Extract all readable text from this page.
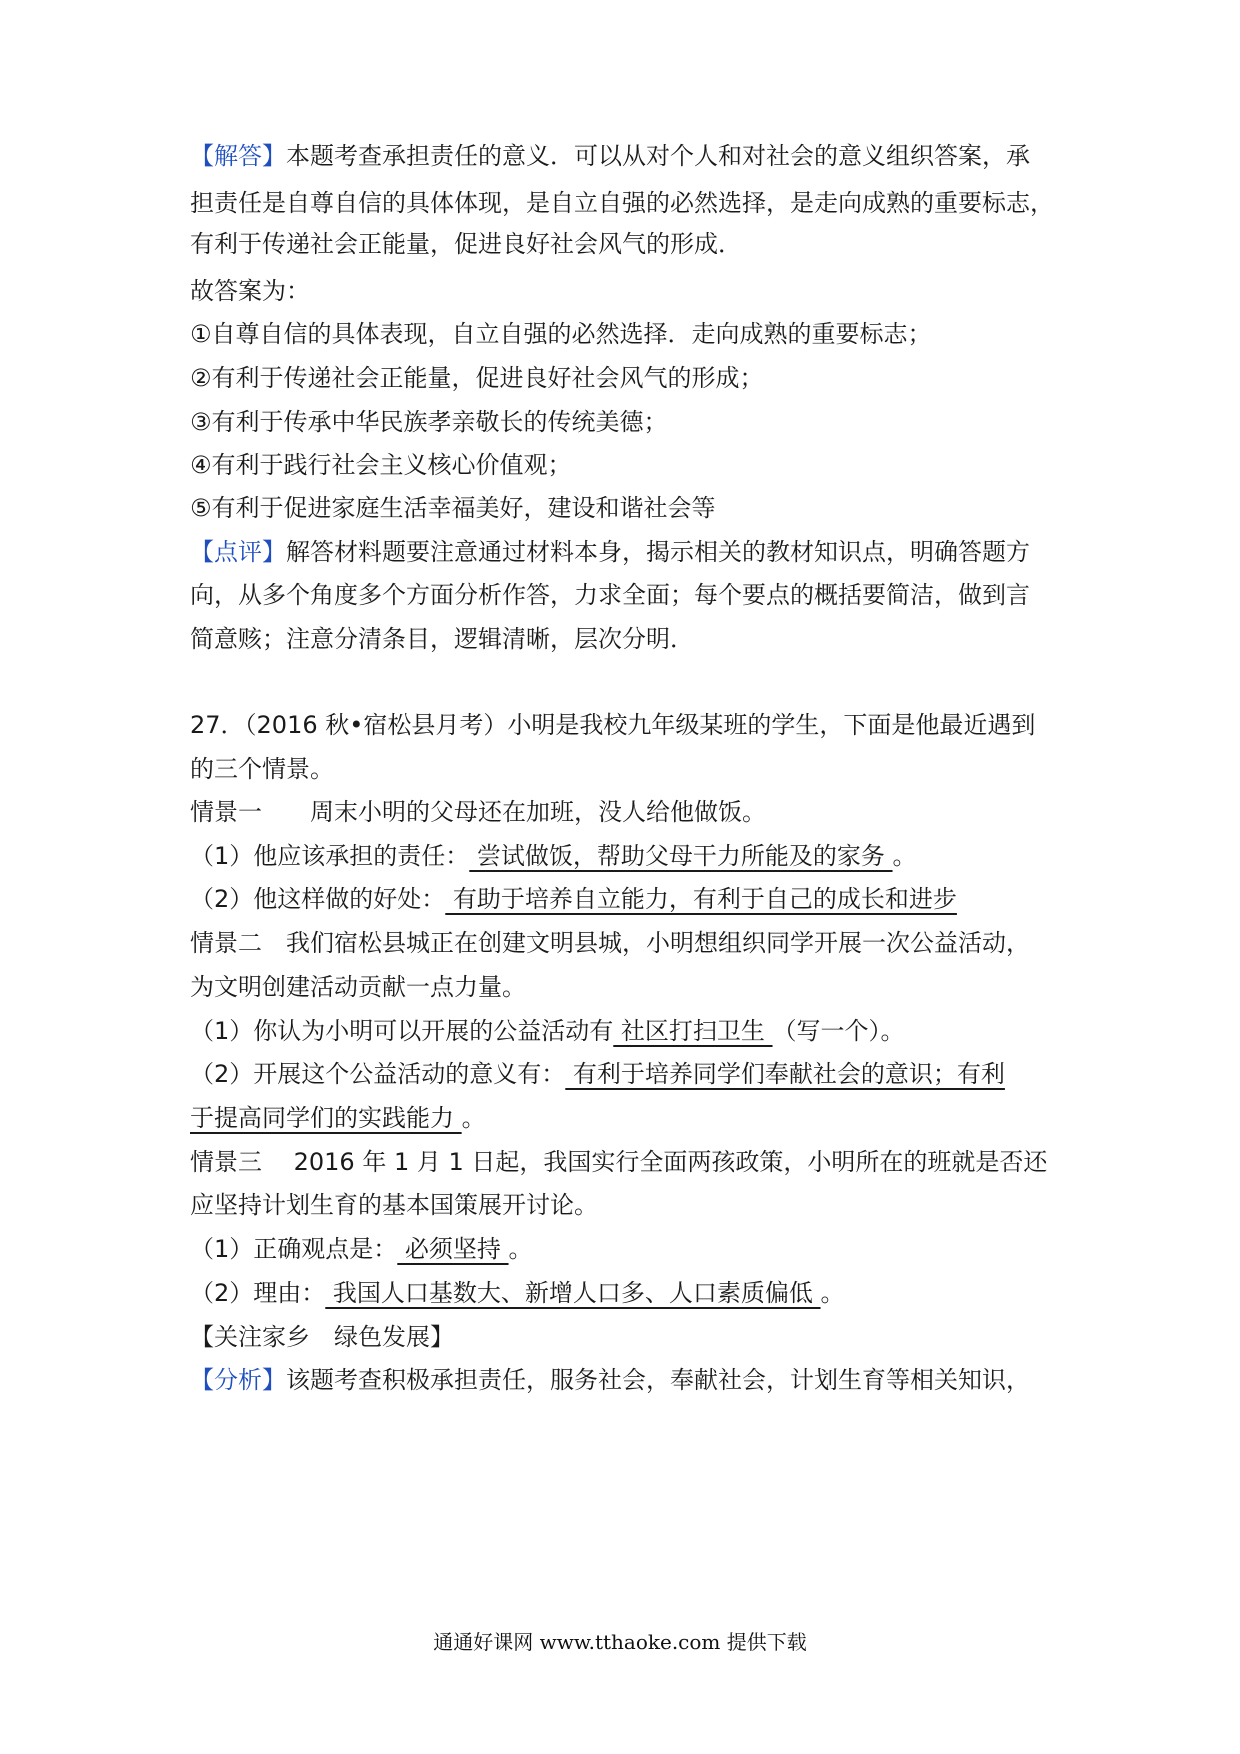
【解答】本题考查承担责任的意义．可以从对个人和对社会的意义组织答案，承
担责任是自尊自信的具体体现，是自立自强的必然选择，是走向成熟的重要标志，
有利于传递社会正能量，促进良好社会风气的形成．
故答案为：
①自尊自信的具体表现，自立自强的必然选择．走向成熟的重要标志；
②有利于传递社会正能量，促进良好社会风气的形成；
③有利于传承中华民族孝亲敬长的传统美德；
④有利于践行社会主义核心价值观；
⑤有利于促进家庭生活幸福美好，建设和谐社会等
【点评】解答材料题要注意通过材料本身，揭示相关的教材知识点，明确答题方
向，从多个角度多个方面分析作答，力求全面；每个要点的概括要简洁，做到言
简意赅；注意分清条目，逻辑清晰，层次分明．
27．（2016 秋•宿松县月考）小明是我校九年级某班的学生，下面是他最近遇到
的三个情景。
情景一　　周末小明的父母还在加班，没人给他做饭。
（1）他应该承担的责任： 尝试做饭，帮助父母干力所能及的家务 。
（2）他这样做的好处： 有助于培养自立能力，有利于自己的成长和进步
情景二　我们宿松县城正在创建文明县城，小明想组织同学开展一次公益活动，
为文明创建活动贡献一点力量。
（1）你认为小明可以开展的公益活动有 社区打扫卫生 （写一个）。
（2）开展这个公益活动的意义有： 有利于培养同学们奉献社会的意识；有利
于提高同学们的实践能力 。
情景三　 2016 年 1 月 1 日起，我国实行全面两孩政策，小明所在的班就是否还
应坚持计划生育的基本国策展开讨论。
（1）正确观点是： 必须坚持 。
（2）理由： 我国人口基数大、新增人口多、人口素质偏低 。
【关注家乡　绿色发展】
【分析】该题考查积极承担责任，服务社会，奉献社会，计划生育等相关知识，
通通好课网 www.tthaoke.com 提供下载
